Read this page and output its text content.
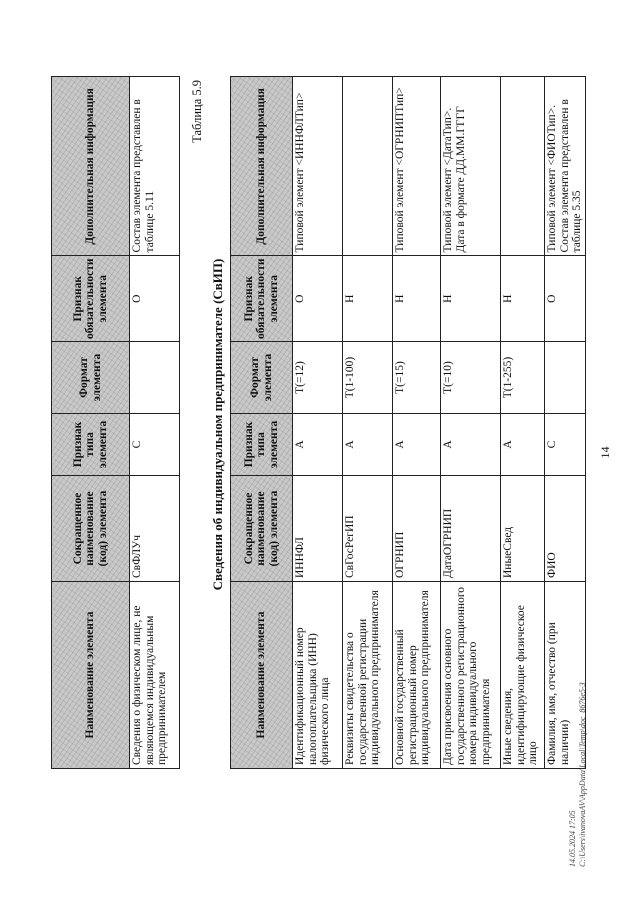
14
Наименование элемента	Сокращенное наименование (код) элемента	Признак типа элемента	Формат элемента	Признак обязательности элемента	Дополнительная информация
Сведения о физическом лице, не являющемся индивидуальным предпринимателем	СвФЛУч	С		О	Состав элемента представлен в таблице 5.11
Таблица 5.9
Сведения об индивидуальном предпринимателе (СвИП)
Наименование элемента	Сокращенное наименование (код) элемента	Признак типа элемента	Формат элемента	Признак обязательности элемента	Дополнительная информация
Идентификационный номер налогоплательщика (ИНН) физического лица	ИННФЛ	А	Т(=12)	О	Типовой элемент <ИННФЛТип>
Реквизиты свидетельства о государственной регистрации индивидуального предпринимателя	СвГосРегИП	А	Т(1-100)	Н	
Основной государственный регистрационный номер индивидуального предпринимателя	ОГРНИП	А	Т(=15)	Н	Типовой элемент <ОГРНИПТип>
Дата присвоения основного государственного регистрационного номера индивидуального предпринимателя	ДатаОГРНИП	А	Т(=10)	Н	Типовой элемент <ДатаТип>.
Дата в формате ДД.ММ.ГГГГ
Иные сведения, идентифицирующие физическое лицо	ИныеСвед	А	Т(1-255)	Н	
Фамилия, имя, отчество (при наличии)	ФИО	С		О	Типовой элемент <ФИОТип>.
Состав элемента представлен в таблице 5.35
14.05.2024 17:05 C:\Users\ivanovaAV\AppData\Local\Temp\doc_8676e5-3
